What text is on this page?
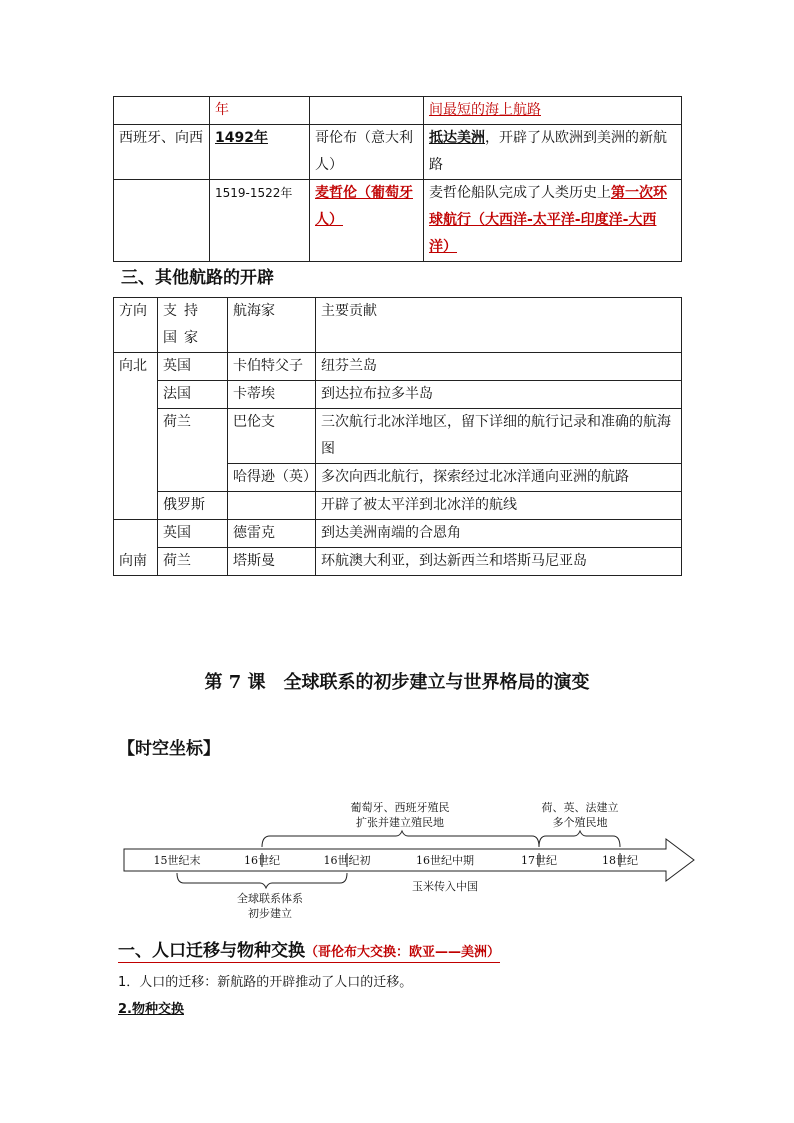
	年		间最短的海上航路
西班牙、向西	1492年	哥伦布（意大利人）	抵达美洲，开辟了从欧洲到美洲的新航路
	1519-1522年	麦哲伦（葡萄牙人）	麦哲伦船队完成了人类历史上第一次环球航行（大西洋-太平洋-印度洋-大西洋）
三、其他航路的开辟
方向	支持国家	航海家	主要贡献
向北	英国	卡伯特父子	纽芬兰岛
	法国	卡蒂埃	到达拉布拉多半岛
	荷兰	巴伦支	三次航行北冰洋地区，留下详细的航行记录和准确的航海图
		哈得逊（英）	多次向西北航行，探索经过北冰洋通向亚洲的航路
	俄罗斯		开辟了被太平洋到北冰洋的航线
向南	英国	德雷克	到达美洲南端的合恩角
	荷兰	塔斯曼	环航澳大利亚，到达新西兰和塔斯马尼亚岛
第 7 课　全球联系的初步建立与世界格局的演变
【时空坐标】
15世纪末	16世纪	16世纪初	16世纪中期	17世纪	18世纪
葡萄牙、西班牙殖民
扩张并建立殖民地
荷、英、法建立
多个殖民地
全球联系体系
初步建立
玉米传入中国
一、人口迁移与物种交换（哥伦布大交换：欧亚——美洲）
1．人口的迁移：新航路的开辟推动了人口的迁移。
2.物种交换
